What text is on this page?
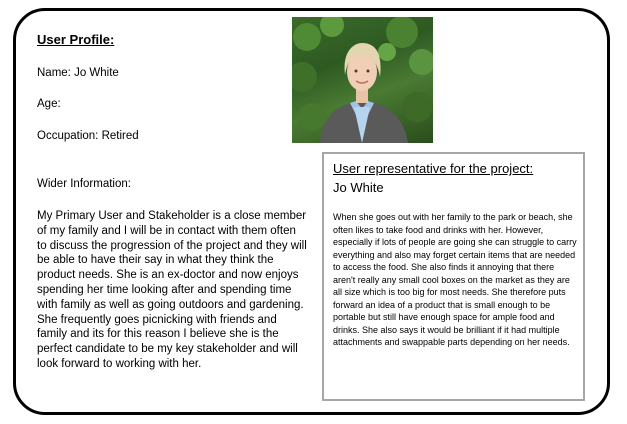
User Profile:
Name: Jo White
Age:
Occupation: Retired
Wider Information:
My Primary User and Stakeholder is a close member of my family and I will be in contact with them often to discuss the progression of the project and they will be able to have their say in what they think the product needs. She is an ex-doctor and now enjoys spending her time looking after and spending time with family as well as going outdoors and gardening. She frequently goes picnicking with friends and family and its for this reason I believe she is the perfect candidate to be my key stakeholder and will look forward to working with her.
User representative for the project:
Jo White
When she goes out with her family to the park or beach, she often likes to take food and drinks with her. However, especially if lots of people are going she can struggle to carry everything and also may forget certain items that are needed to access the food. She also finds it annoying that there aren't really any small cool boxes on the market as they are all size which is too big for most needs. She therefore puts forward an idea of a product that is small enough to be portable but still have enough space for ample food and drinks. She also says it would be brilliant if it had multiple attachments and swappable parts depending on her needs.
